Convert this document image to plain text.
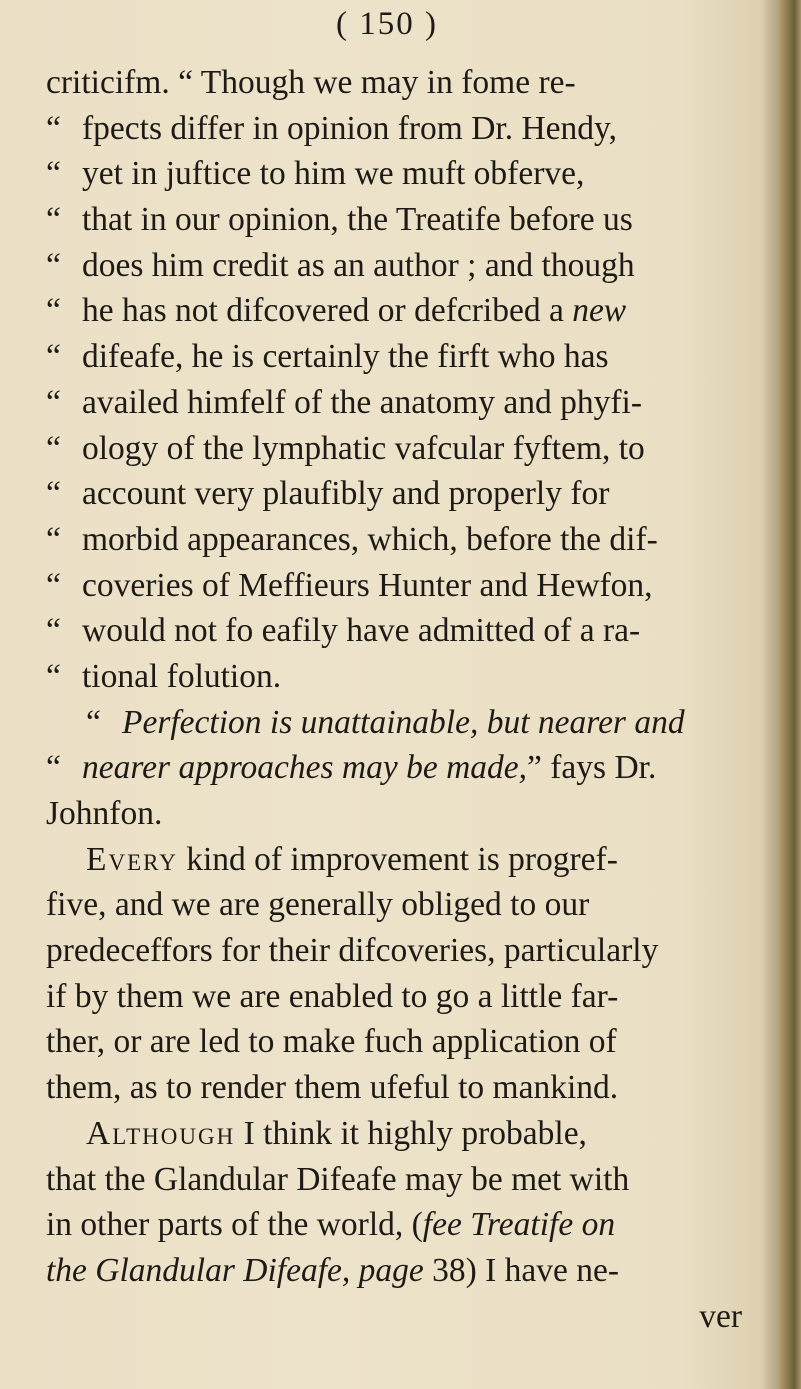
( 150 )
criticifm. “ Though we may in fome re-
“ fpects differ in opinion from Dr. Hendy,
“ yet in juftice to him we muft obferve,
“ that in our opinion, the Treatife before us
“ does him credit as an author ; and though
“ he has not difcovered or defcribed a new
“ difeafe, he is certainly the firft who has
“ availed himfelf of the anatomy and phyfi-
“ ology of the lymphatic vafcular fyftem, to
“ account very plaufibly and properly for
“ morbid appearances, which, before the dif-
“ coveries of Meffieurs Hunter and Hewfon,
“ would not fo eafily have admitted of a ra-
“ tional folution.
“ Perfection is unattainable, but nearer and
“ nearer approaches may be made,” fays Dr.
Johnfon.
Every kind of improvement is progref-
five, and we are generally obliged to our
predeceffors for their difcoveries, particularly
if by them we are enabled to go a little far-
ther, or are led to make fuch application of
them, as to render them ufeful to mankind.
Although I think it highly probable,
that the Glandular Difeafe may be met with
in other parts of the world, (fee Treatife on
the Glandular Difeafe, page 38) I have ne-
ver
